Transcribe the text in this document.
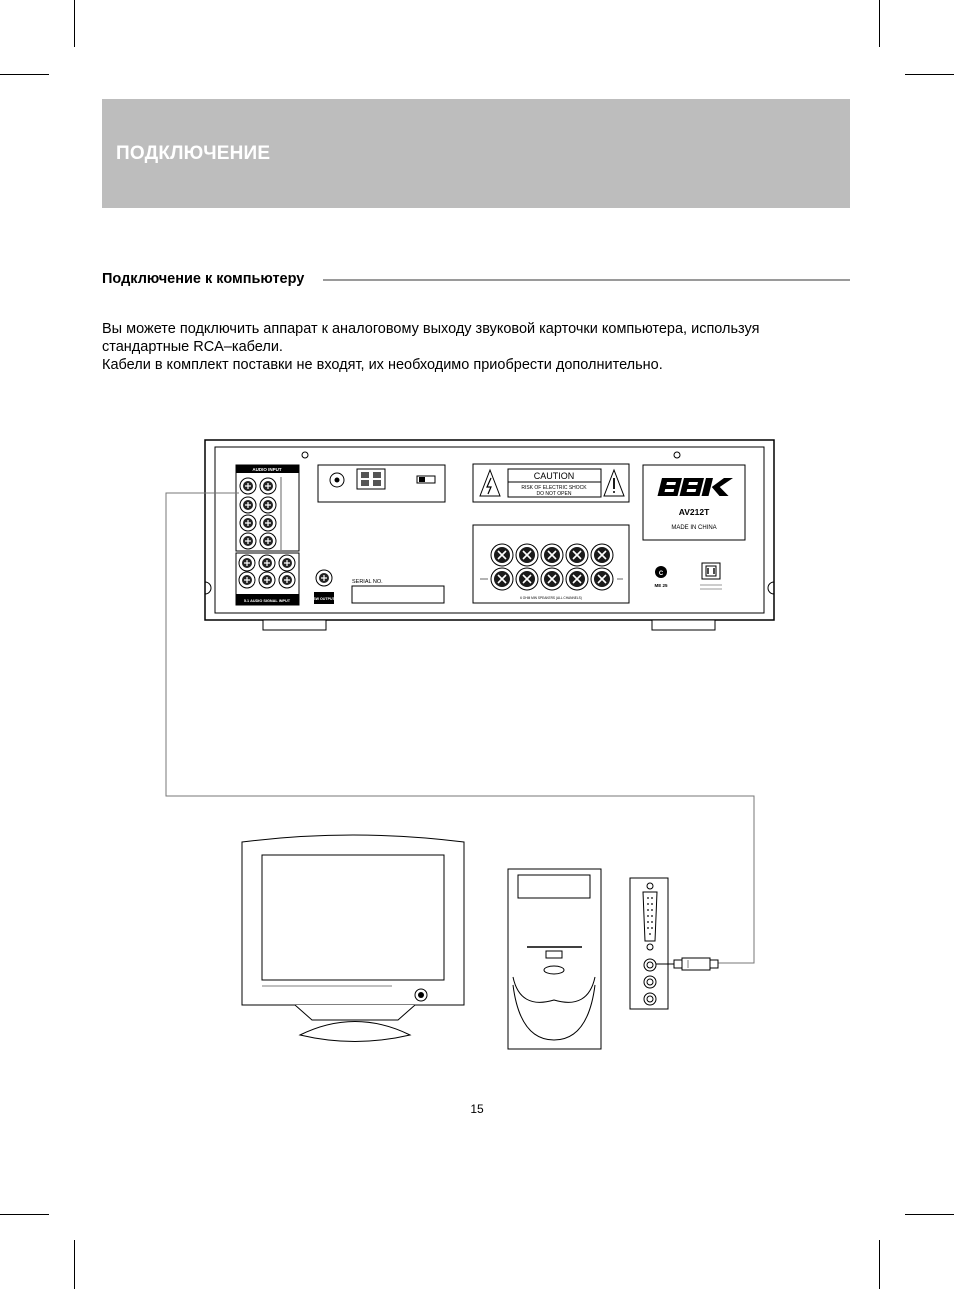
ПОДКЛЮЧЕНИЕ
Подключение к компьютеру

Вы можете подключить аппарат к аналоговому выходу звуковой карточки компьютера, используя

стандартные RCA–кабели.

Кабели в комплект поставки не входят, их необходимо приобрести дополнительно.

AUDIO INPUT
5.1 AUDIO SIGNAL INPUT	SW OUTPUT
SERIAL NO.
CAUTION
RISK OF ELECTRIC SHOCK
DO NOT OPEN
AV212T
MADE IN CHINA
6 OHM MIN SPEAKERS (ALL CHANNELS)
С
МЕ 25
15
